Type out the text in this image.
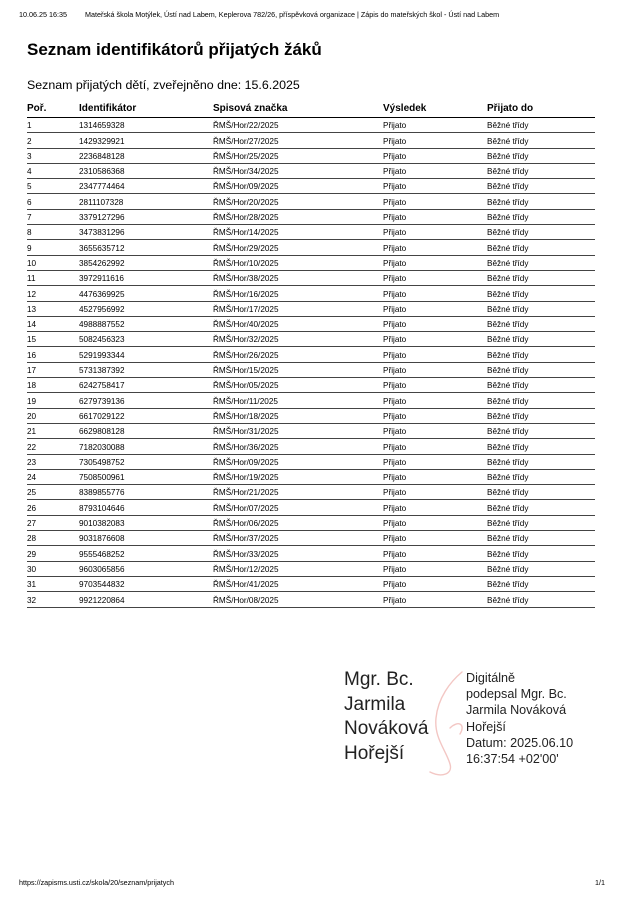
10.06.25 16:35	Mateřská škola Motýlek, Ústí nad Labem, Keplerova 782/26, příspěvková organizace | Zápis do mateřských škol - Ústí nad Labem
Seznam identifikátorů přijatých žáků
Seznam přijatých dětí, zveřejněno dne: 15.6.2025
Poř.	Identifikátor	Spisová značka	Výsledek	Přijato do
1	1314659328	ŘMŠ/Hor/22/2025	Přijato	Běžné třídy
2	1429329921	ŘMŠ/Hor/27/2025	Přijato	Běžné třídy
3	2236848128	ŘMŠ/Hor/25/2025	Přijato	Běžné třídy
4	2310586368	ŘMŠ/Hor/34/2025	Přijato	Běžné třídy
5	2347774464	ŘMŠ/Hor/09/2025	Přijato	Běžné třídy
6	2811107328	ŘMŠ/Hor/20/2025	Přijato	Běžné třídy
7	3379127296	ŘMŠ/Hor/28/2025	Přijato	Běžné třídy
8	3473831296	ŘMŠ/Hor/14/2025	Přijato	Běžné třídy
9	3655635712	ŘMŠ/Hor/29/2025	Přijato	Běžné třídy
10	3854262992	ŘMŠ/Hor/10/2025	Přijato	Běžné třídy
11	3972911616	ŘMŠ/Hor/38/2025	Přijato	Běžné třídy
12	4476369925	ŘMŠ/Hor/16/2025	Přijato	Běžné třídy
13	4527956992	ŘMŠ/Hor/17/2025	Přijato	Běžné třídy
14	4988887552	ŘMŠ/Hor/40/2025	Přijato	Běžné třídy
15	5082456323	ŘMŠ/Hor/32/2025	Přijato	Běžné třídy
16	5291993344	ŘMŠ/Hor/26/2025	Přijato	Běžné třídy
17	5731387392	ŘMŠ/Hor/15/2025	Přijato	Běžné třídy
18	6242758417	ŘMŠ/Hor/05/2025	Přijato	Běžné třídy
19	6279739136	ŘMŠ/Hor/11/2025	Přijato	Běžné třídy
20	6617029122	ŘMŠ/Hor/18/2025	Přijato	Běžné třídy
21	6629808128	ŘMŠ/Hor/31/2025	Přijato	Běžné třídy
22	7182030088	ŘMŠ/Hor/36/2025	Přijato	Běžné třídy
23	7305498752	ŘMŠ/Hor/09/2025	Přijato	Běžné třídy
24	7508500961	ŘMŠ/Hor/19/2025	Přijato	Běžné třídy
25	8389855776	ŘMŠ/Hor/21/2025	Přijato	Běžné třídy
26	8793104646	ŘMŠ/Hor/07/2025	Přijato	Běžné třídy
27	9010382083	ŘMŠ/Hor/06/2025	Přijato	Běžné třídy
28	9031876608	ŘMŠ/Hor/37/2025	Přijato	Běžné třídy
29	9555468252	ŘMŠ/Hor/33/2025	Přijato	Běžné třídy
30	9603065856	ŘMŠ/Hor/12/2025	Přijato	Běžné třídy
31	9703544832	ŘMŠ/Hor/41/2025	Přijato	Běžné třídy
32	9921220864	ŘMŠ/Hor/08/2025	Přijato	Běžné třídy
Mgr. Bc.
Jarmila
Nováková
Hořejší
Digitálně
podepsal Mgr. Bc.
Jarmila Nováková
Hořejší
Datum: 2025.06.10
16:37:54 +02'00'
https://zapisms.usti.cz/skola/20/seznam/prijatych	1/1
